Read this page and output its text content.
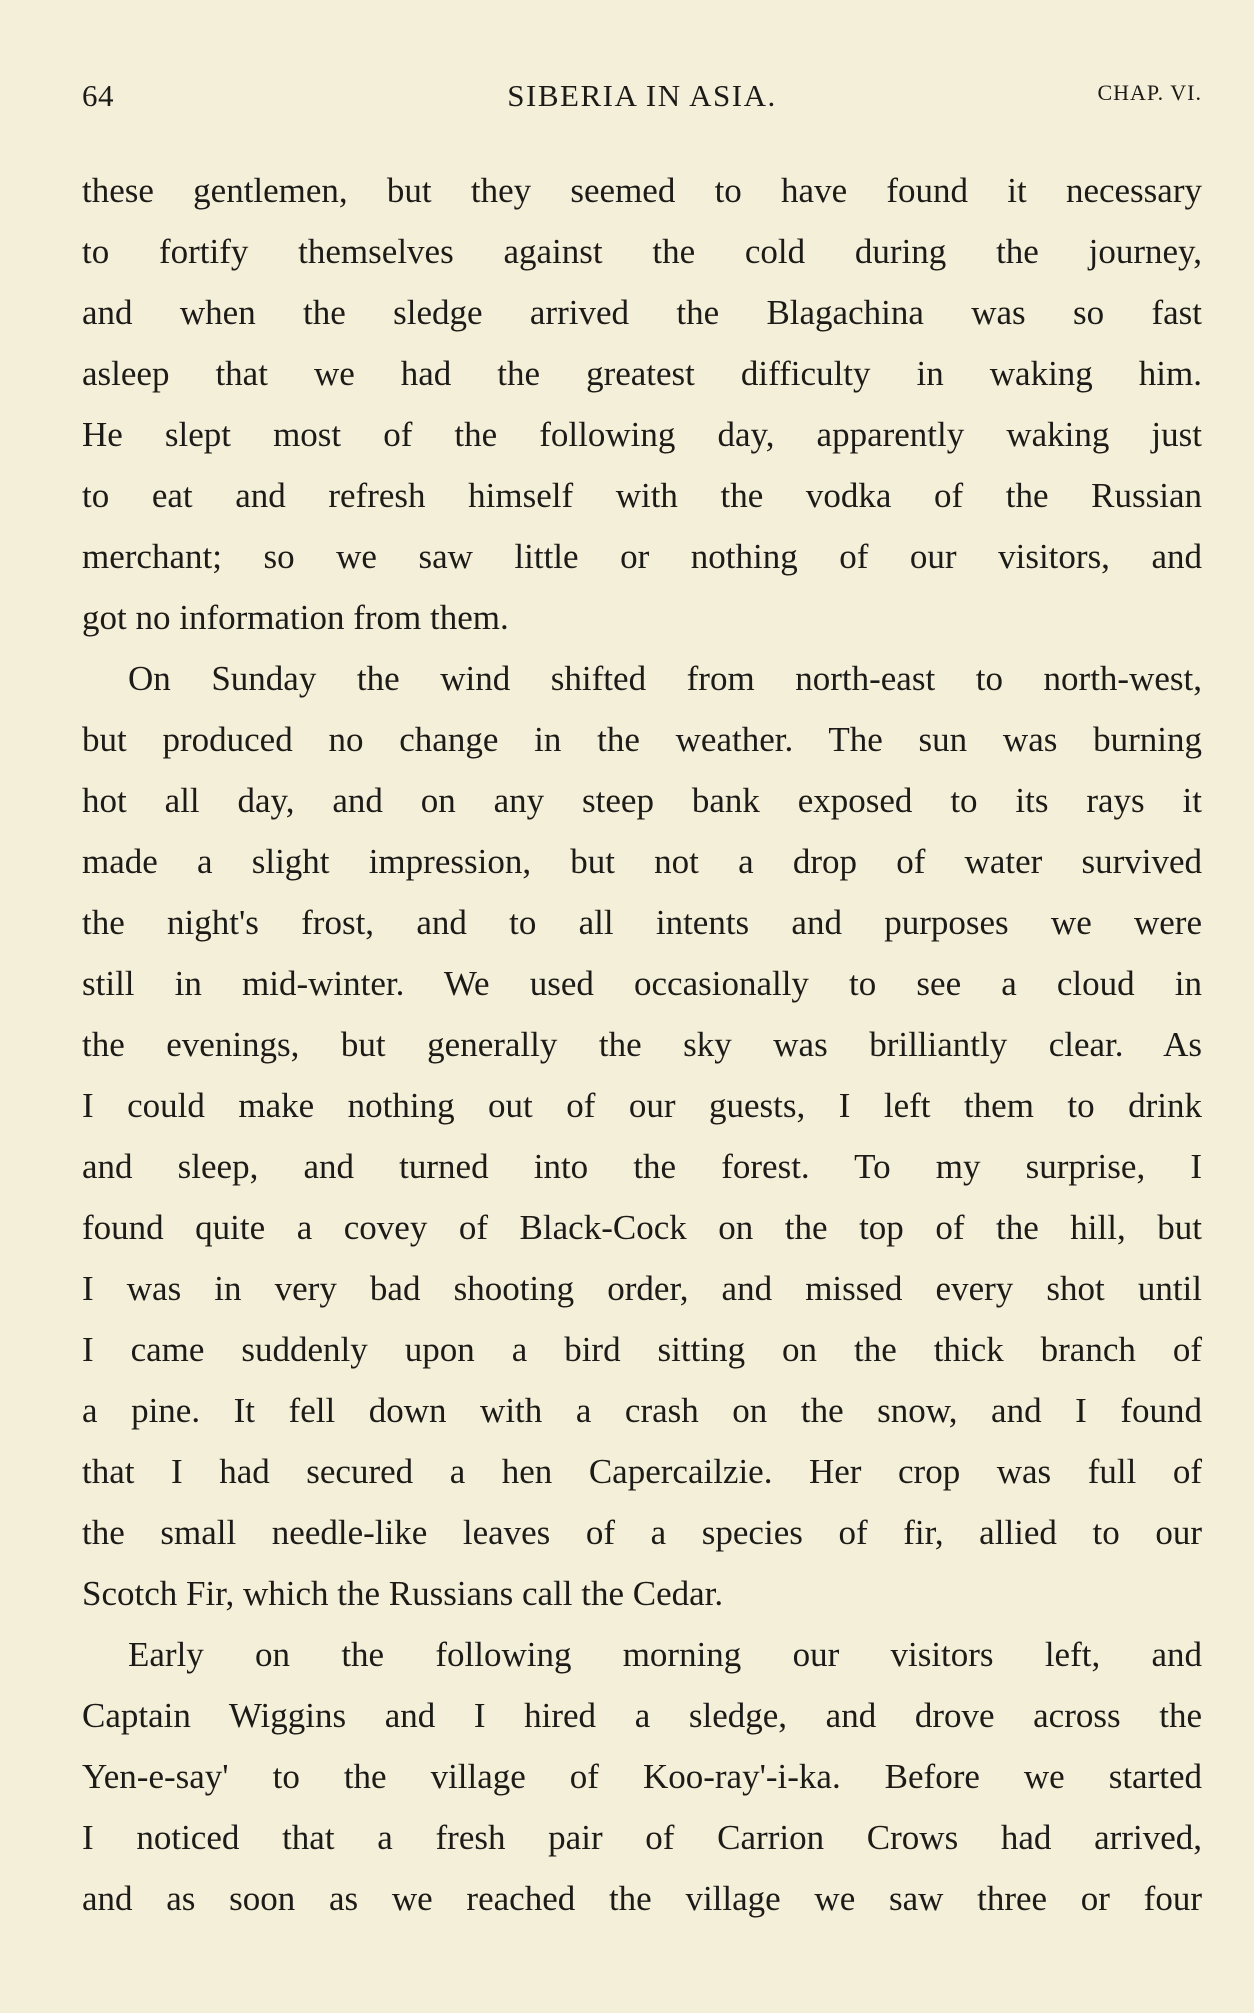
64	SIBERIA IN ASIA.	CHAP. VI.
these gentlemen, but they seemed to have found it necessary
to fortify themselves against the cold during the journey,
and when the sledge arrived the Blagachina was so fast
asleep that we had the greatest difficulty in waking him.
He slept most of the following day, apparently waking just
to eat and refresh himself with the vodka of the Russian
merchant; so we saw little or nothing of our visitors, and
got no information from them.
On Sunday the wind shifted from north-east to north-west,
but produced no change in the weather. The sun was burning
hot all day, and on any steep bank exposed to its rays it
made a slight impression, but not a drop of water survived
the night's frost, and to all intents and purposes we were
still in mid-winter. We used occasionally to see a cloud in
the evenings, but generally the sky was brilliantly clear. As
I could make nothing out of our guests, I left them to drink
and sleep, and turned into the forest. To my surprise, I
found quite a covey of Black-Cock on the top of the hill, but
I was in very bad shooting order, and missed every shot until
I came suddenly upon a bird sitting on the thick branch of
a pine. It fell down with a crash on the snow, and I found
that I had secured a hen Capercailzie. Her crop was full of
the small needle-like leaves of a species of fir, allied to our
Scotch Fir, which the Russians call the Cedar.
Early on the following morning our visitors left, and
Captain Wiggins and I hired a sledge, and drove across the
Yen-e-say' to the village of Koo-ray'-i-ka. Before we started
I noticed that a fresh pair of Carrion Crows had arrived,
and as soon as we reached the village we saw three or four
